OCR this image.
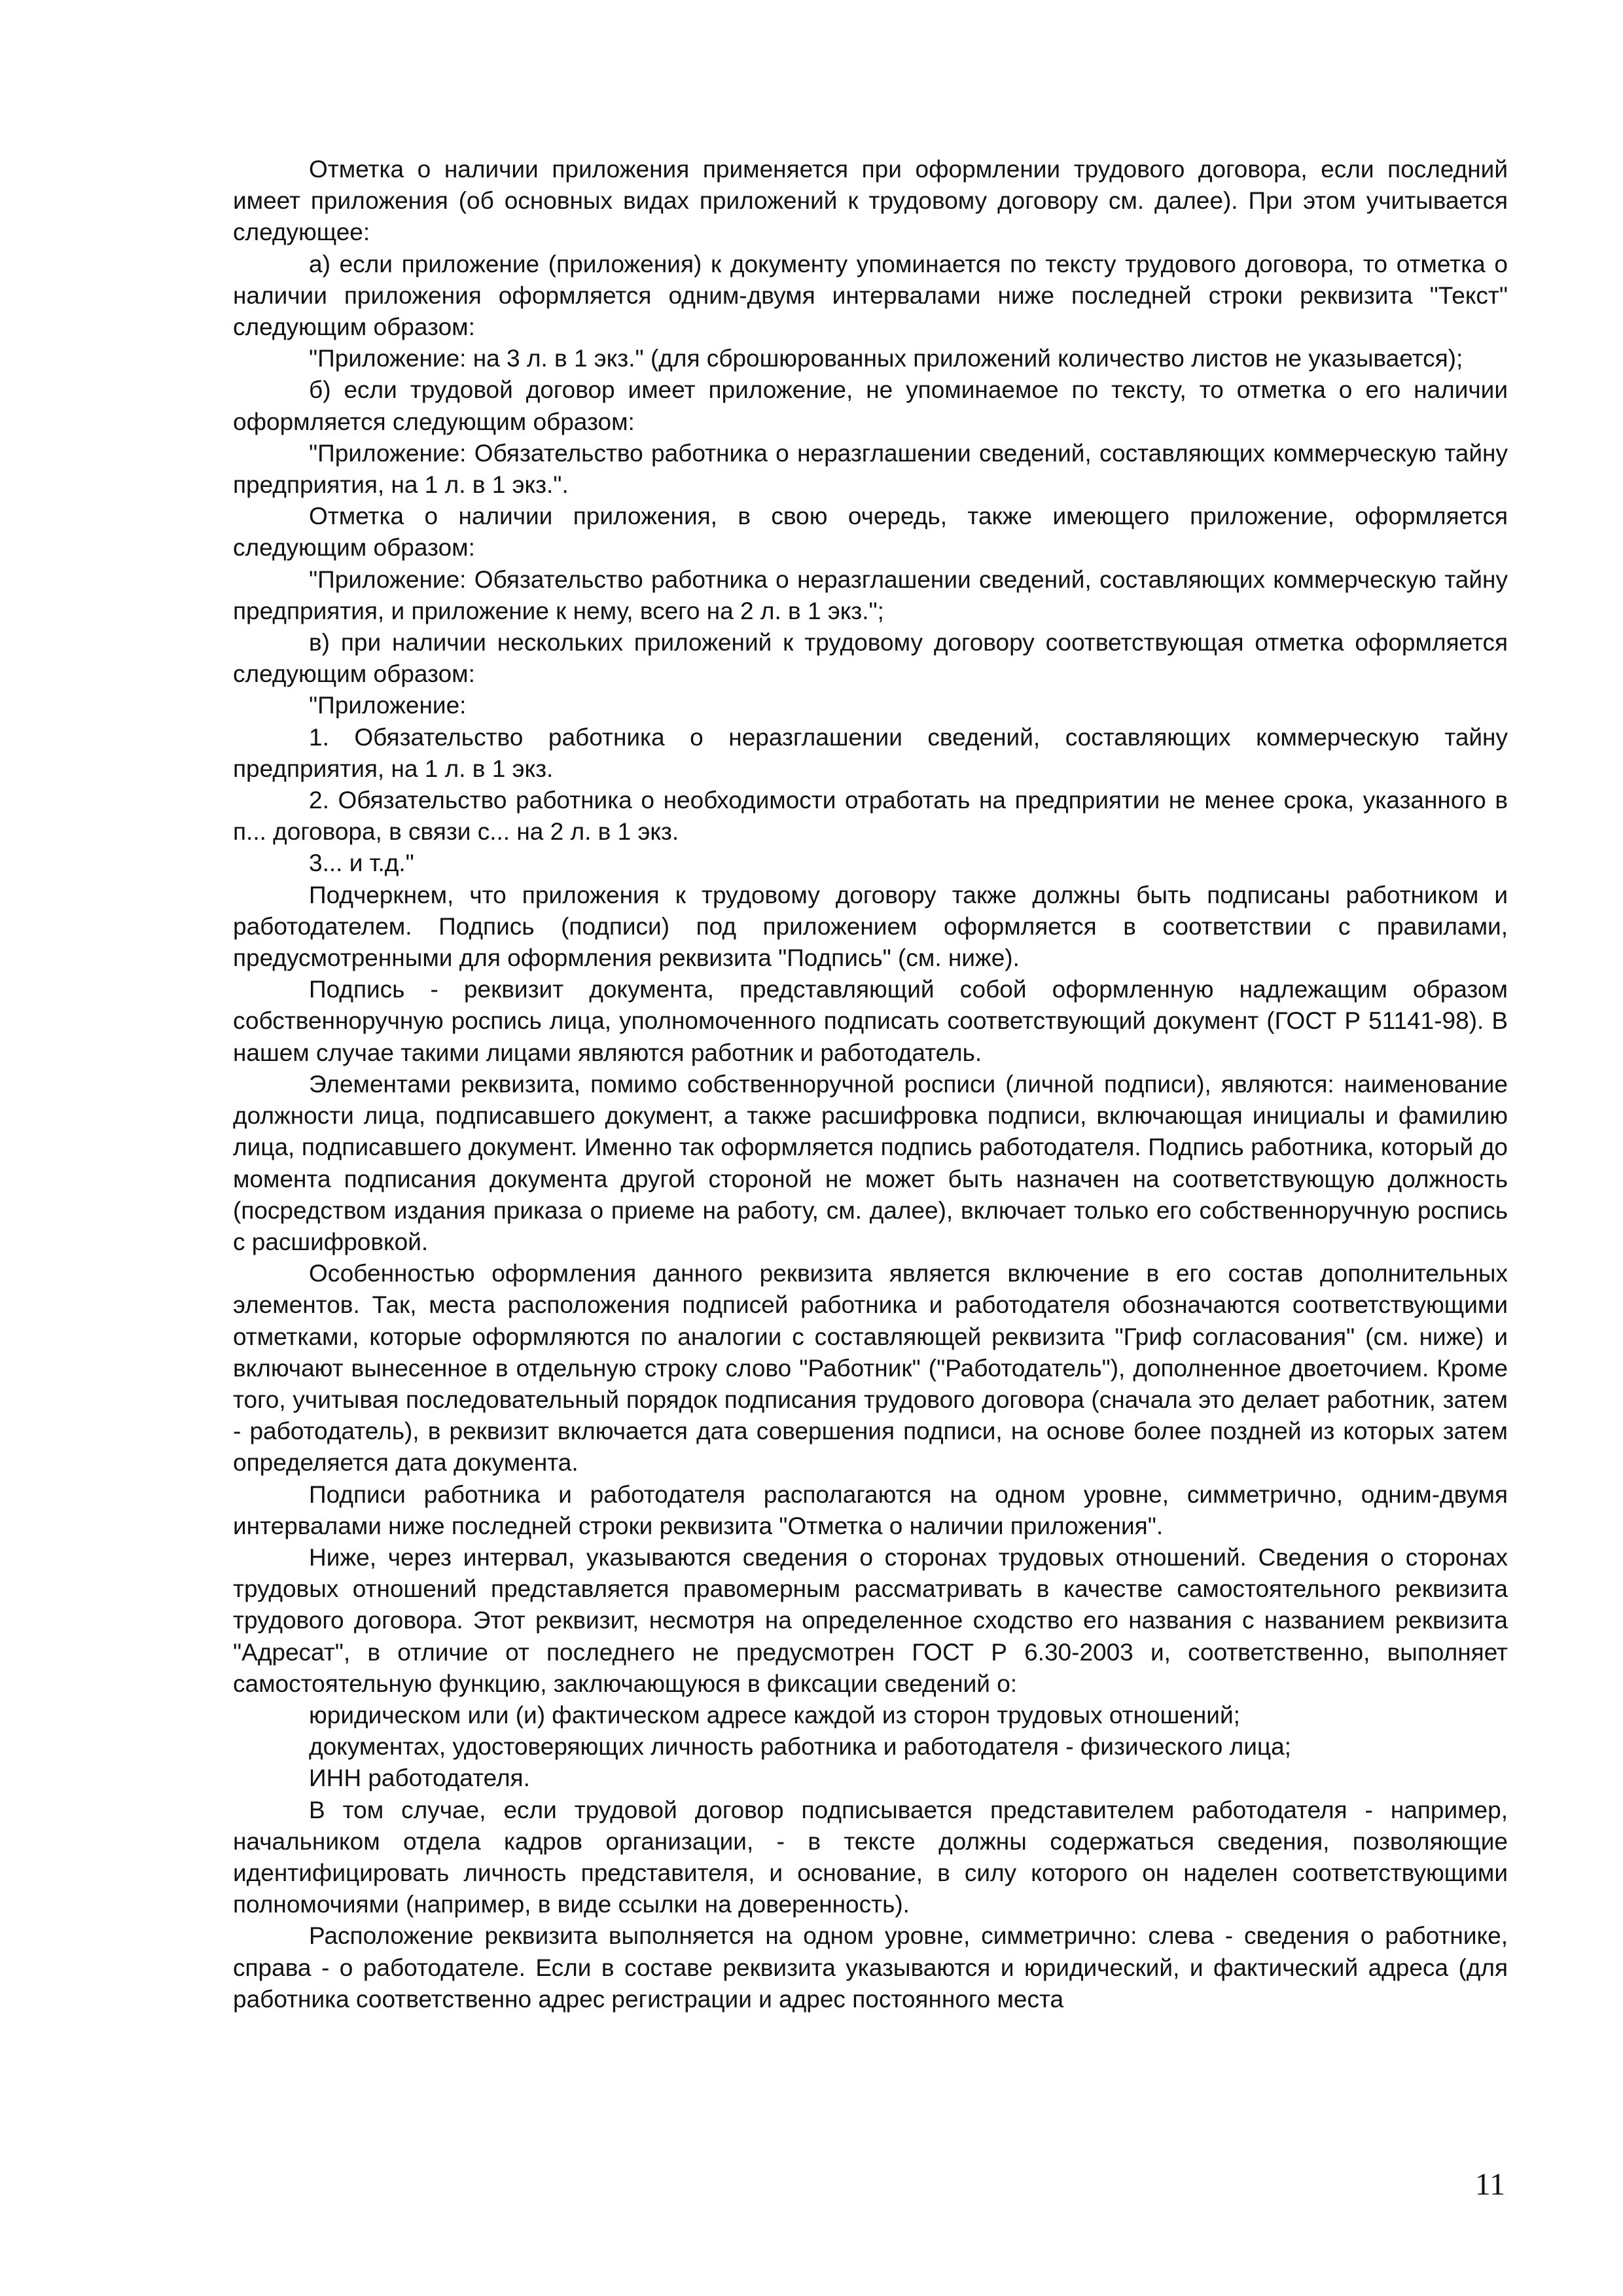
Отметка о наличии приложения применяется при оформлении трудового договора, если последний имеет приложения (об основных видах приложений к трудовому договору см. далее). При этом учитывается следующее:

а) если приложение (приложения) к документу упоминается по тексту трудового договора, то отметка о наличии приложения оформляется одним-двумя интервалами ниже последней строки реквизита "Текст" следующим образом:

"Приложение: на 3 л. в 1 экз." (для сброшюрованных приложений количество листов не указывается);

б) если трудовой договор имеет приложение, не упоминаемое по тексту, то отметка о его наличии оформляется следующим образом:

"Приложение: Обязательство работника о неразглашении сведений, составляющих коммерческую тайну предприятия, на 1 л. в 1 экз.".

Отметка о наличии приложения, в свою очередь, также имеющего приложение, оформляется следующим образом:

"Приложение: Обязательство работника о неразглашении сведений, составляющих коммерческую тайну предприятия, и приложение к нему, всего на 2 л. в 1 экз.";

в) при наличии нескольких приложений к трудовому договору соответствующая отметка оформляется следующим образом:

"Приложение:

1. Обязательство работника о неразглашении сведений, составляющих коммерческую тайну предприятия, на 1 л. в 1 экз.

2. Обязательство работника о необходимости отработать на предприятии не менее срока, указанного в п... договора, в связи с... на 2 л. в 1 экз.

3... и т.д."

Подчеркнем, что приложения к трудовому договору также должны быть подписаны работником и работодателем. Подпись (подписи) под приложением оформляется в соответствии с правилами, предусмотренными для оформления реквизита "Подпись" (см. ниже).

Подпись - реквизит документа, представляющий собой оформленную надлежащим образом собственноручную роспись лица, уполномоченного подписать соответствующий документ (ГОСТ Р 51141-98). В нашем случае такими лицами являются работник и работодатель.

Элементами реквизита, помимо собственноручной росписи (личной подписи), являются: наименование должности лица, подписавшего документ, а также расшифровка подписи, включающая инициалы и фамилию лица, подписавшего документ. Именно так оформляется подпись работодателя. Подпись работника, который до момента подписания документа другой стороной не может быть назначен на соответствующую должность (посредством издания приказа о приеме на работу, см. далее), включает только его собственноручную роспись с расшифровкой.

Особенностью оформления данного реквизита является включение в его состав дополнительных элементов. Так, места расположения подписей работника и работодателя обозначаются соответствующими отметками, которые оформляются по аналогии с составляющей реквизита "Гриф согласования" (см. ниже) и включают вынесенное в отдельную строку слово "Работник" ("Работодатель"), дополненное двоеточием. Кроме того, учитывая последовательный порядок подписания трудового договора (сначала это делает работник, затем - работодатель), в реквизит включается дата совершения подписи, на основе более поздней из которых затем определяется дата документа.

Подписи работника и работодателя располагаются на одном уровне, симметрично, одним-двумя интервалами ниже последней строки реквизита "Отметка о наличии приложения".

Ниже, через интервал, указываются сведения о сторонах трудовых отношений. Сведения о сторонах трудовых отношений представляется правомерным рассматривать в качестве самостоятельного реквизита трудового договора. Этот реквизит, несмотря на определенное сходство его названия с названием реквизита "Адресат", в отличие от последнего не предусмотрен ГОСТ Р 6.30-2003 и, соответственно, выполняет самостоятельную функцию, заключающуюся в фиксации сведений о:

юридическом или (и) фактическом адресе каждой из сторон трудовых отношений;

документах, удостоверяющих личность работника и работодателя - физического лица;

ИНН работодателя.

В том случае, если трудовой договор подписывается представителем работодателя - например, начальником отдела кадров организации, - в тексте должны содержаться сведения, позволяющие идентифицировать личность представителя, и основание, в силу которого он наделен соответствующими полномочиями (например, в виде ссылки на доверенность).

Расположение реквизита выполняется на одном уровне, симметрично: слева - сведения о работнике, справа - о работодателе. Если в составе реквизита указываются и юридический, и фактический адреса (для работника соответственно адрес регистрации и адрес постоянного места

11
